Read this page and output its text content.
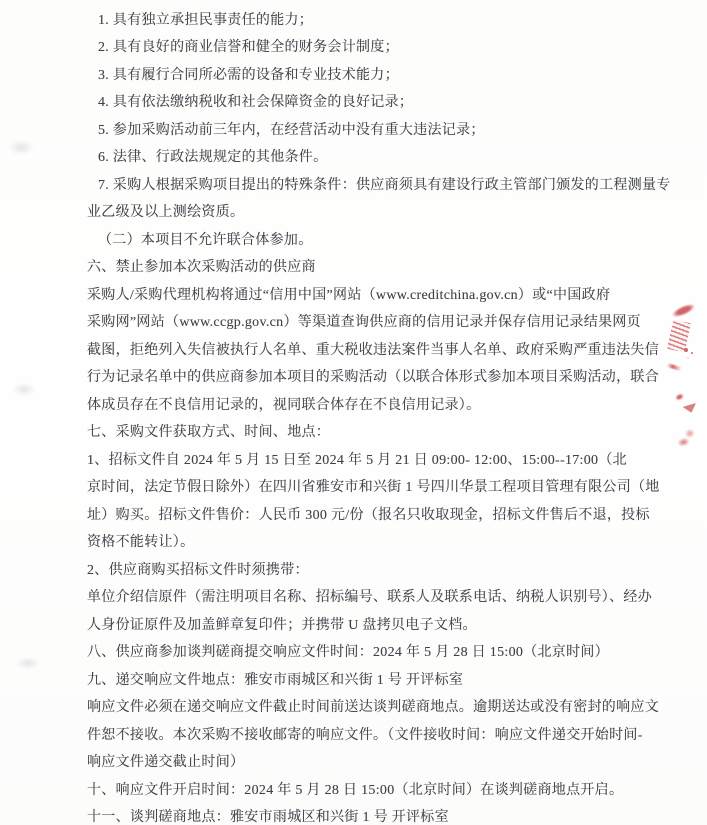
1. 具有独立承担民事责任的能力；
2. 具有良好的商业信誉和健全的财务会计制度；
3. 具有履行合同所必需的设备和专业技术能力；
4. 具有依法缴纳税收和社会保障资金的良好记录；
5. 参加采购活动前三年内，在经营活动中没有重大违法记录；
6. 法律、行政法规规定的其他条件。
7. 采购人根据采购项目提出的特殊条件：供应商须具有建设行政主管部门颁发的工程测量专
业乙级及以上测绘资质。
（二）本项目不允许联合体参加。
六、禁止参加本次采购活动的供应商
采购人/采购代理机构将通过“信用中国”网站（www.creditchina.gov.cn）或“中国政府
采购网”网站（www.ccgp.gov.cn）等渠道查询供应商的信用记录并保存信用记录结果网页
截图，拒绝列入失信被执行人名单、重大税收违法案件当事人名单、政府采购严重违法失信
行为记录名单中的供应商参加本项目的采购活动（以联合体形式参加本项目采购活动，联合
体成员存在不良信用记录的，视同联合体存在不良信用记录）。
七、采购文件获取方式、时间、地点：
1、招标文件自 2024 年 5 月 15 日至 2024 年 5 月 21 日 09:00- 12:00、15:00--17:00（北
京时间，法定节假日除外）在四川省雅安市和兴街 1 号四川华景工程项目管理有限公司（地
址）购买。招标文件售价：人民币 300 元/份（报名只收取现金，招标文件售后不退，投标
资格不能转让）。
2、供应商购买招标文件时须携带：
单位介绍信原件（需注明项目名称、招标编号、联系人及联系电话、纳税人识别号）、经办
人身份证原件及加盖鲜章复印件；并携带 U 盘拷贝电子文档。
八、供应商参加谈判磋商提交响应文件时间：2024 年 5 月 28 日 15:00（北京时间）
九、递交响应文件地点：雅安市雨城区和兴街 1 号 开评标室
响应文件必须在递交响应文件截止时间前送达谈判磋商地点。逾期送达或没有密封的响应文
件恕不接收。本次采购不接收邮寄的响应文件。（文件接收时间：响应文件递交开始时间-
响应文件递交截止时间）
十、响应文件开启时间：2024 年 5 月 28 日 15:00（北京时间）在谈判磋商地点开启。
十一、谈判磋商地点：雅安市雨城区和兴街 1 号 开评标室
